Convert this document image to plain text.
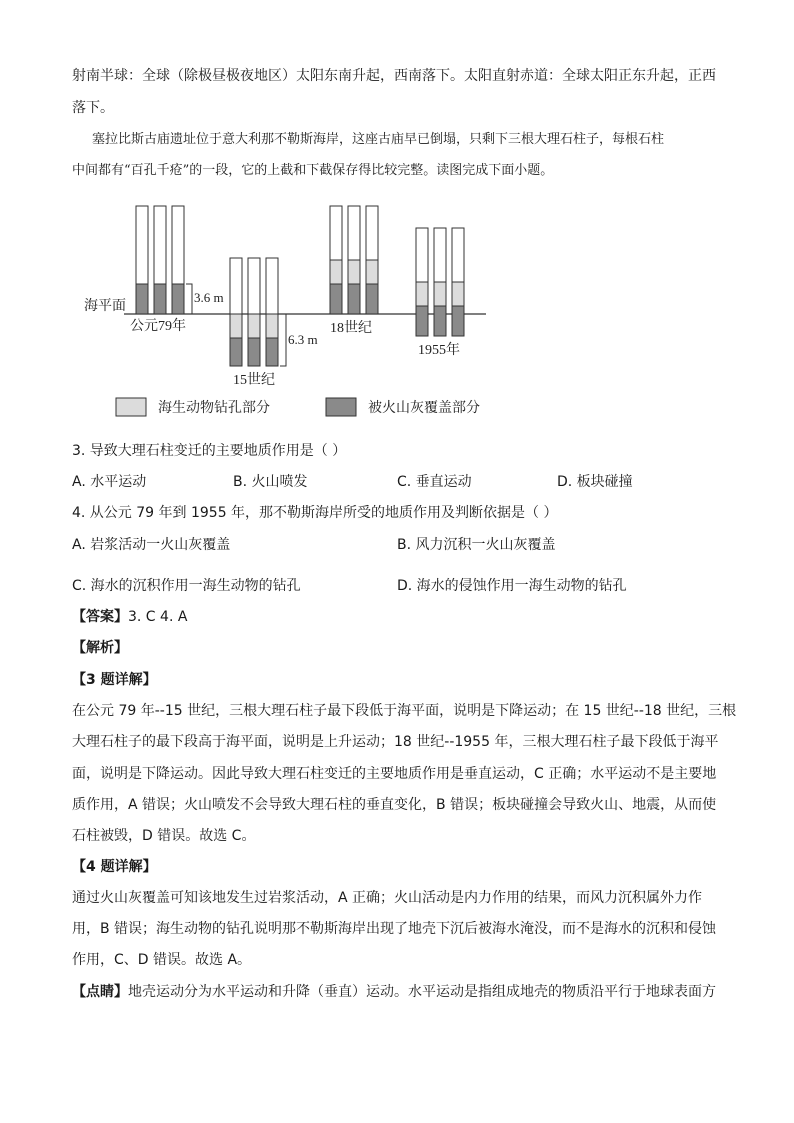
射南半球：全球（除极昼极夜地区）太阳东南升起，西南落下。太阳直射赤道：全球太阳正东升起，正西
落下。
塞拉比斯古庙遗址位于意大利那不勒斯海岸，这座古庙早已倒塌，只剩下三根大理石柱子，每根石柱
中间都有“百孔千疮”的一段，它的上截和下截保存得比较完整。读图完成下面小题。
海平面
3.6 m
公元79年
6.3 m
15世纪
18世纪
1955年
海生动物钻孔部分	被火山灰覆盖部分
3. 导致大理石柱变迁的主要地质作用是（ ）
A. 水平运动	B. 火山喷发	C. 垂直运动	D. 板块碰撞
4. 从公元 79 年到 1955 年，那不勒斯海岸所受的地质作用及判断依据是（ ）
A. 岩浆活动一火山灰覆盖	B. 风力沉积一火山灰覆盖
C. 海水的沉积作用一海生动物的钻孔	D. 海水的侵蚀作用一海生动物的钻孔
【答案】3. C 4. A
【解析】
【3 题详解】
在公元 79 年--15 世纪，三根大理石柱子最下段低于海平面，说明是下降运动；在 15 世纪--18 世纪，三根
大理石柱子的最下段高于海平面，说明是上升运动；18 世纪--1955 年，三根大理石柱子最下段低于海平
面，说明是下降运动。因此导致大理石柱变迁的主要地质作用是垂直运动，C 正确；水平运动不是主要地
质作用，A 错误；火山喷发不会导致大理石柱的垂直变化，B 错误；板块碰撞会导致火山、地震，从而使
石柱被毁，D 错误。故选 C。
【4 题详解】
通过火山灰覆盖可知该地发生过岩浆活动，A 正确；火山活动是内力作用的结果，而风力沉积属外力作
用，B 错误；海生动物的钻孔说明那不勒斯海岸出现了地壳下沉后被海水淹没，而不是海水的沉积和侵蚀
作用，C、D 错误。故选 A。
【点睛】地壳运动分为水平运动和升降（垂直）运动。水平运动是指组成地壳的物质沿平行于地球表面方
